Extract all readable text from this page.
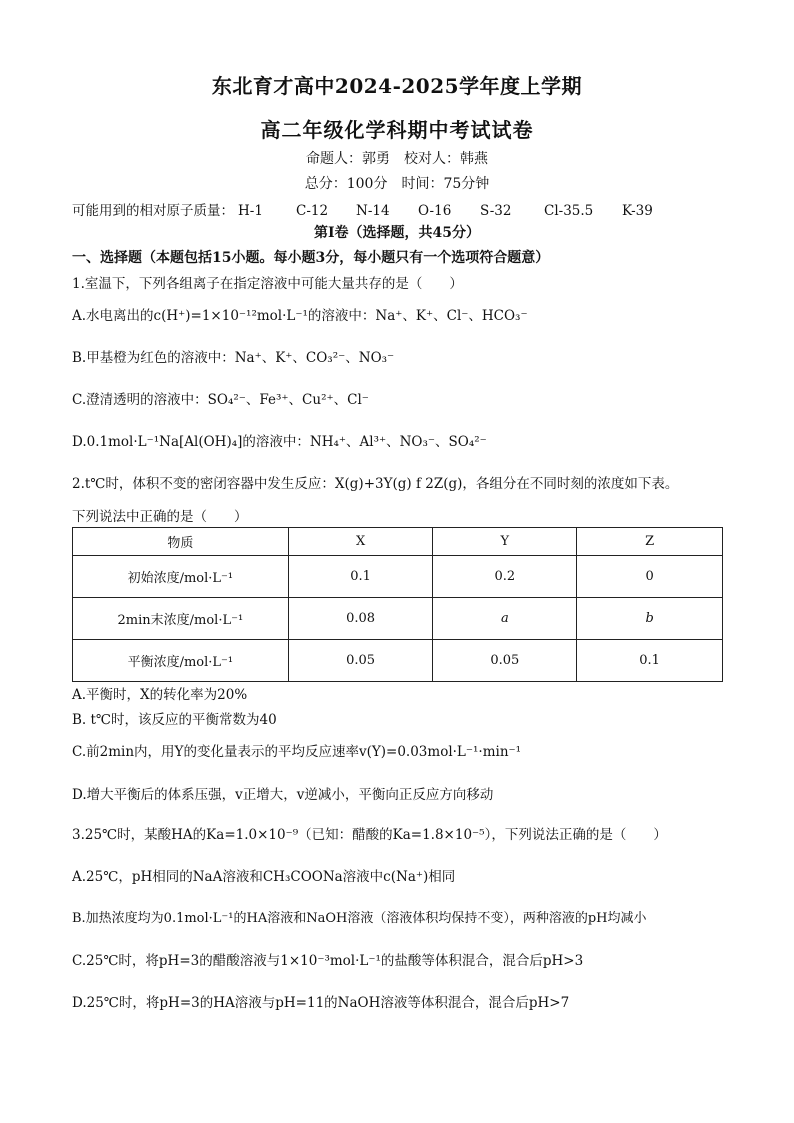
东北育才高中2024-2025学年度上学期
高二年级化学科期中考试试卷
命题人：郭勇　校对人：韩燕
总分：100分　时间：75分钟
可能用到的相对原子质量： H-1 C-12 N-14 O-16 S-32 Cl-35.5 K-39
第Ⅰ卷（选择题，共45分）
一、选择题（本题包括15小题。每小题3分，每小题只有一个选项符合题意）
1.室温下，下列各组离子在指定溶液中可能大量共存的是（　　）
A.水电离出的c(H⁺)=1×10⁻¹²mol·L⁻¹的溶液中：Na⁺、K⁺、Cl⁻、HCO₃⁻
B.甲基橙为红色的溶液中：Na⁺、K⁺、CO₃²⁻、NO₃⁻
C.澄清透明的溶液中：SO₄²⁻、Fe³⁺、Cu²⁺、Cl⁻
D.0.1mol·L⁻¹Na[Al(OH)₄]的溶液中：NH₄⁺、Al³⁺、NO₃⁻、SO₄²⁻
2.t℃时，体积不变的密闭容器中发生反应：X(g)+3Y(g) f 2Z(g)，各组分在不同时刻的浓度如下表。
下列说法中正确的是（　　）
物质	X	Y	Z
初始浓度/mol·L⁻¹	0.1	0.2	0
2min末浓度/mol·L⁻¹	0.08	a	b
平衡浓度/mol·L⁻¹	0.05	0.05	0.1
A.平衡时，X的转化率为20%
B. t℃时，该反应的平衡常数为40
C.前2min内，用Y的变化量表示的平均反应速率v(Y)=0.03mol·L⁻¹·min⁻¹
D.增大平衡后的体系压强，v正增大，v逆减小，平衡向正反应方向移动
3.25℃时，某酸HA的Ka=1.0×10⁻⁹（已知：醋酸的Ka=1.8×10⁻⁵），下列说法正确的是（　　）
A.25℃，pH相同的NaA溶液和CH₃COONa溶液中c(Na⁺)相同
B.加热浓度均为0.1mol·L⁻¹的HA溶液和NaOH溶液（溶液体积均保持不变），两种溶液的pH均减小
C.25℃时，将pH=3的醋酸溶液与1×10⁻³mol·L⁻¹的盐酸等体积混合，混合后pH>3
D.25℃时，将pH=3的HA溶液与pH=11的NaOH溶液等体积混合，混合后pH>7
